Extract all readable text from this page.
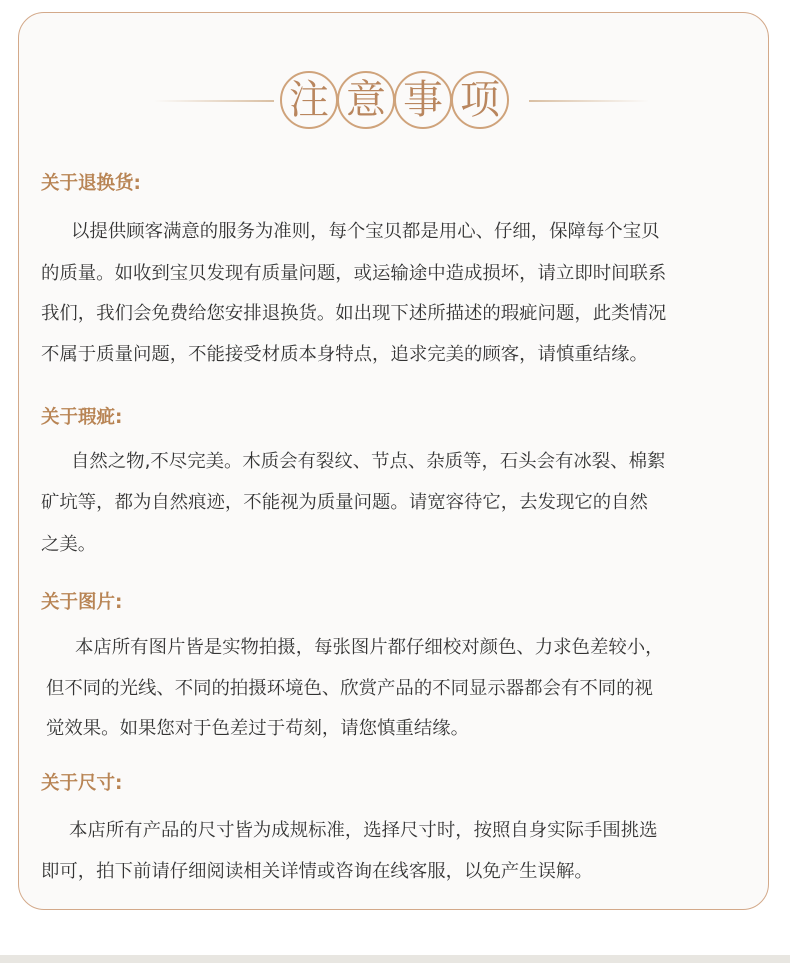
注 意 事 项
关于退换货:
以提供顾客满意的服务为准则，每个宝贝都是用心、仔细，保障每个宝贝
的质量。如收到宝贝发现有质量问题，或运输途中造成损坏，请立即时间联系
我们，我们会免费给您安排退换货。如出现下述所描述的瑕疵问题，此类情况
不属于质量问题，不能接受材质本身特点，追求完美的顾客，请慎重结缘。
关于瑕疵:
自然之物,不尽完美。木质会有裂纹、节点、杂质等，石头会有冰裂、棉絮
矿坑等，都为自然痕迹，不能视为质量问题。请宽容待它，去发现它的自然
之美。
关于图片:
本店所有图片皆是实物拍摄，每张图片都仔细校对颜色、力求色差较小，
但不同的光线、不同的拍摄环境色、欣赏产品的不同显示器都会有不同的视
觉效果。如果您对于色差过于苟刻，请您慎重结缘。
关于尺寸:
本店所有产品的尺寸皆为成规标准，选择尺寸时，按照自身实际手围挑选
即可，拍下前请仔细阅读相关详情或咨询在线客服，以免产生误解。
